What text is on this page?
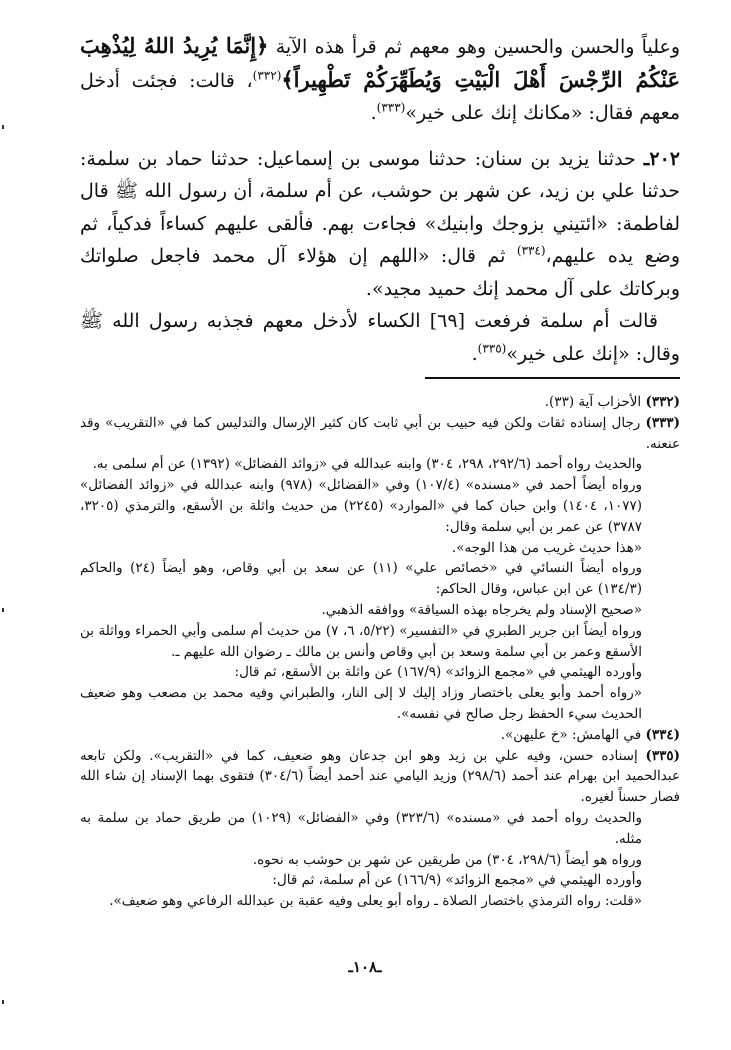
وعلياً والحسن والحسين وهو معهم ثم قرأ هذه الآية ﴿إِنَّمَا يُرِيدُ اللهُ لِيُذْهِبَ عَنْكُمُ الرِّجْسَ أَهْلَ الْبَيْتِ وَيُطَهِّرَكُمْ تَطْهِيراً﴾$^{(٣٣٢)}$، قالت: فجئت أدخل معهم فقال: «مكانك إنك على خير»$^{(٣٣٣)}$.

٢٠٢ـ حدثنا يزيد بن سنان: حدثنا موسى بن إسماعيل: حدثنا حماد بن سلمة: حدثنا علي بن زيد، عن شهر بن حوشب، عن أم سلمة، أن رسول الله ﷺ قال لفاطمة: «ائتيني بزوجك وابنيك» فجاءت بهم. فألقى عليهم كساءاً فدكياً، ثم وضع يده عليهم،$^{(٣٣٤)}$ ثم قال: «اللهم إن هؤلاء آل محمد فاجعل صلواتك وبركاتك على آل محمد إنك حميد مجيد».

قالت أم سلمة فرفعت [٦٩] الكساء لأدخل معهم فجذبه رسول الله ﷺ وقال: «إنك على خير»$^{(٣٣٥)}$.

(٣٣٢) الأحزاب آية (٣٣).

(٣٣٣) رجال إسناده ثقات ولكن فيه حبيب بن أبي ثابت كان كثير الإرسال والتدليس كما في «التقريب» وقد عنعنه.
والحديث رواه أحمد (٢٩٢/٦، ٢٩٨، ٣٠٤) وابنه عبدالله في «زوائد الفضائل» (١٣٩٢) عن أم سلمى به.
ورواه أيضاً أحمد في «مسنده» (١٠٧/٤) وفي «الفضائل» (٩٧٨) وابنه عبدالله في «زوائد الفضائل» (١٠٧٧، ١٤٠٤) وابن حبان كما في «الموارد» (٢٢٤٥) من حديث واثلة بن الأسقع، والترمذي (٣٢٠٥، ٣٧٨٧) عن عمر بن أبي سلمة وقال:
«هذا حديث غريب من هذا الوجه».
ورواه أيضاً النسائي في «خصائص علي» (١١) عن سعد بن أبي وقاص، وهو أيضاً (٢٤) والحاكم (١٣٤/٣) عن ابن عباس، وقال الحاكم:
«صحيح الإسناد ولم يخرجاه بهذه السياقة» ووافقه الذهبي.
ورواه أيضاً ابن جرير الطبري في «التفسير» (٥/٢٢، ٦، ٧) من حديث أم سلمى وأبي الحمراء وواثلة بن الأسقع وعمر بن أبي سلمة وسعد بن أبي وقاص وأنس بن مالك ـ رضوان الله عليهم ـ.
وأورده الهيثمي في «مجمع الزوائد» (١٦٧/٩) عن واثلة بن الأسقع، ثم قال:
«رواه أحمد وأبو يعلى باختصار وزاد إليك لا إلى النار، والطبراني وفيه محمد بن مصعب وهو ضعيف الحديث سيء الحفظ رجل صالح في نفسه».

(٣٣٤) في الهامش: «خ عليهن».

(٣٣٥) إسناده حسن، وفيه علي بن زيد وهو ابن جدعان وهو ضعيف، كما في «التقريب». ولكن تابعه عبدالحميد ابن بهرام عند أحمد (٢٩٨/٦) وزيد اليامي عند أحمد أيضاً (٣٠٤/٦) فتقوى بهما الإسناد إن شاء الله فصار حسناً لغيره.
والحديث رواه أحمد في «مسنده» (٣٢٣/٦) وفي «الفضائل» (١٠٢٩) من طريق حماد بن سلمة به مثله.
ورواه هو أيضاً (٢٩٨/٦، ٣٠٤) من طريقين عن شهر بن حوشب به نحوه.
وأورده الهيثمي في «مجمع الزوائد» (١٦٦/٩) عن أم سلمة، ثم قال:
«قلت: رواه الترمذي باختصار الصلاة ـ رواه أبو يعلى وفيه عقبة بن عبدالله الرفاعي وهو ضعيف».

ـ١٠٨ـ
